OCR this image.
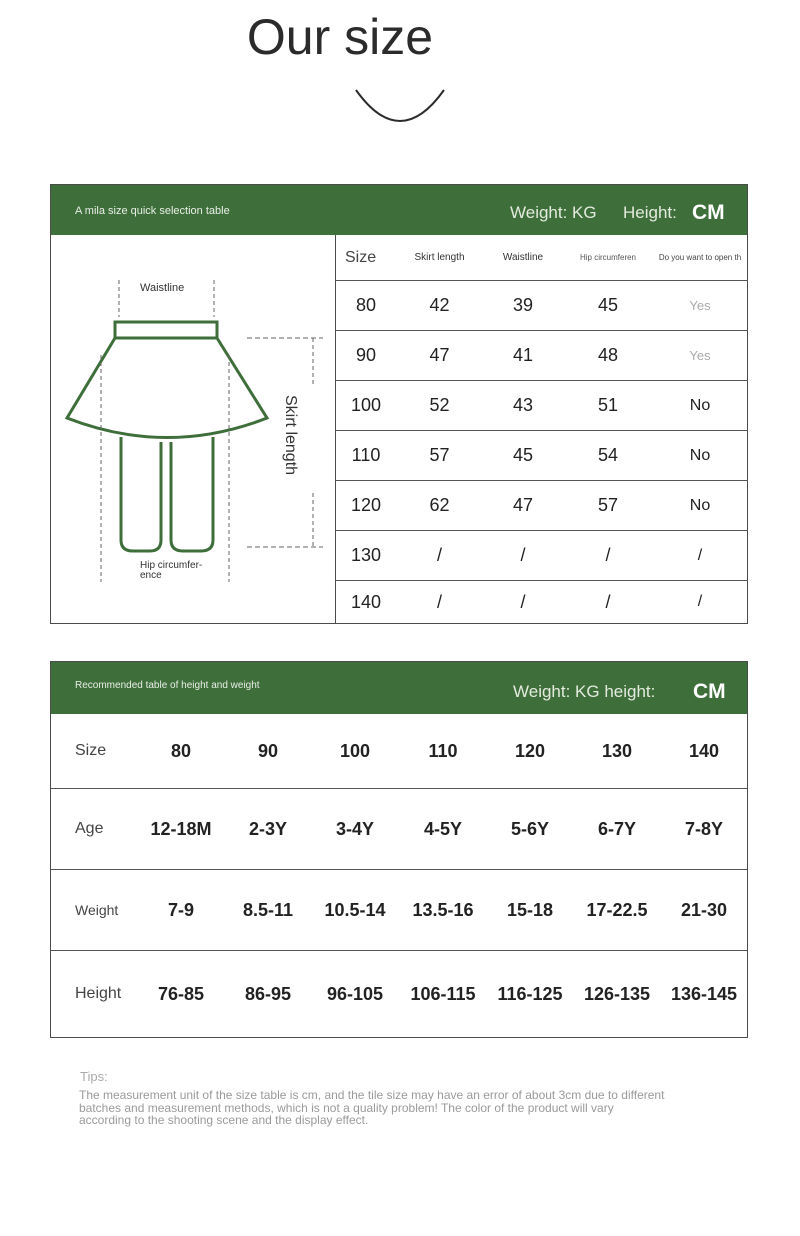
Our size
A mila size quick selection table	Weight: KG Height: CM
Waistline
Skirt length
Hip circumfer-ence
Size	Skirt length	Waistline	Hip circumferen	Do you want to open th
80	42	39	45	Yes
90	47	41	48	Yes
100	52	43	51	No
110	57	45	54	No
120	62	47	57	No
130	/	/	/	/
140	/	/	/	/
Recommended table of height and weight	Weight: KG height: CM
Size	80	90	100	110	120	130	140
Age	12-18M	2-3Y	3-4Y	4-5Y	5-6Y	6-7Y	7-8Y
Weight	7-9	8.5-11	10.5-14	13.5-16	15-18	17-22.5	21-30
Height	76-85	86-95	96-105	106-115	116-125	126-135	136-145
Tips:
The measurement unit of the size table is cm, and the tile size may have an error of about 3cm due to different batches and measurement methods, which is not a quality problem! The color of the product will vary according to the shooting scene and the display effect.
